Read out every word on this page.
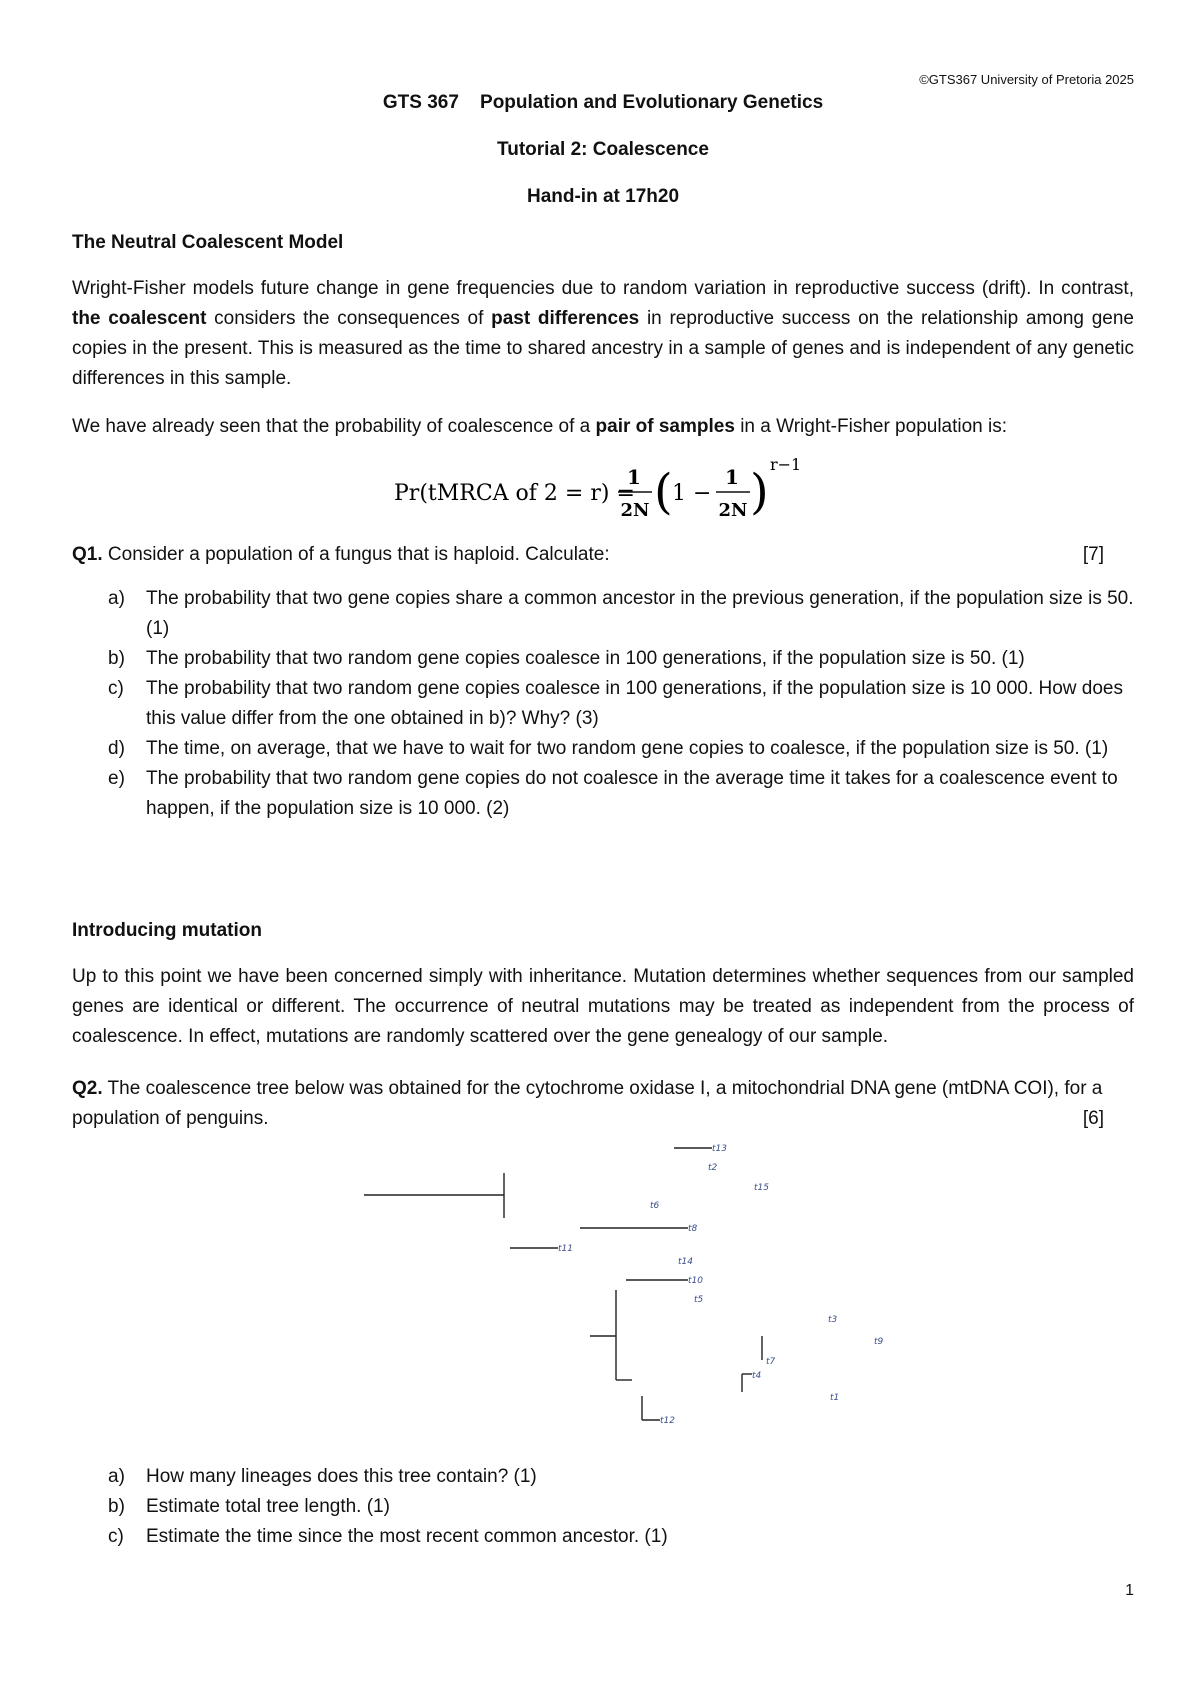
©GTS367 University of Pretoria 2025
GTS 367 Population and Evolutionary Genetics
Tutorial 2: Coalescence
Hand-in at 17h20
The Neutral Coalescent Model
Wright-Fisher models future change in gene frequencies due to random variation in reproductive success (drift). In contrast, the coalescent considers the consequences of past differences in reproductive success on the relationship among gene copies in the present. This is measured as the time to shared ancestry in a sample of genes and is independent of any genetic differences in this sample.
We have already seen that the probability of coalescence of a pair of samples in a Wright-Fisher population is:
Pr(tMRCA of 2 = r) =
1
2N ( 1 −
1
2N ) r−1
Q1. Consider a population of a fungus that is haploid. Calculate:	[7]
a) The probability that two gene copies share a common ancestor in the previous generation, if the population size is 50. (1)
b) The probability that two random gene copies coalesce in 100 generations, if the population size is 50. (1)
c) The probability that two random gene copies coalesce in 100 generations, if the population size is 10 000. How does this value differ from the one obtained in b)? Why? (3)
d) The time, on average, that we have to wait for two random gene copies to coalesce, if the population size is 50. (1)
e) The probability that two random gene copies do not coalesce in the average time it takes for a coalescence event to happen, if the population size is 10 000. (2)
Introducing mutation
Up to this point we have been concerned simply with inheritance. Mutation determines whether sequences from our sampled genes are identical or different. The occurrence of neutral mutations may be treated as independent from the process of coalescence. In effect, mutations are randomly scattered over the gene genealogy of our sample.
Q2. The coalescence tree below was obtained for the cytochrome oxidase I, a mitochondrial DNA gene (mtDNA COI), for a population of penguins.	[6]
t13
t2
t15
t6
t8
t11
t14
t10
t5
t3
t9
t7
t4
t1
t12
a) How many lineages does this tree contain? (1)
b) Estimate total tree length. (1)
c) Estimate the time since the most recent common ancestor. (1)
1
